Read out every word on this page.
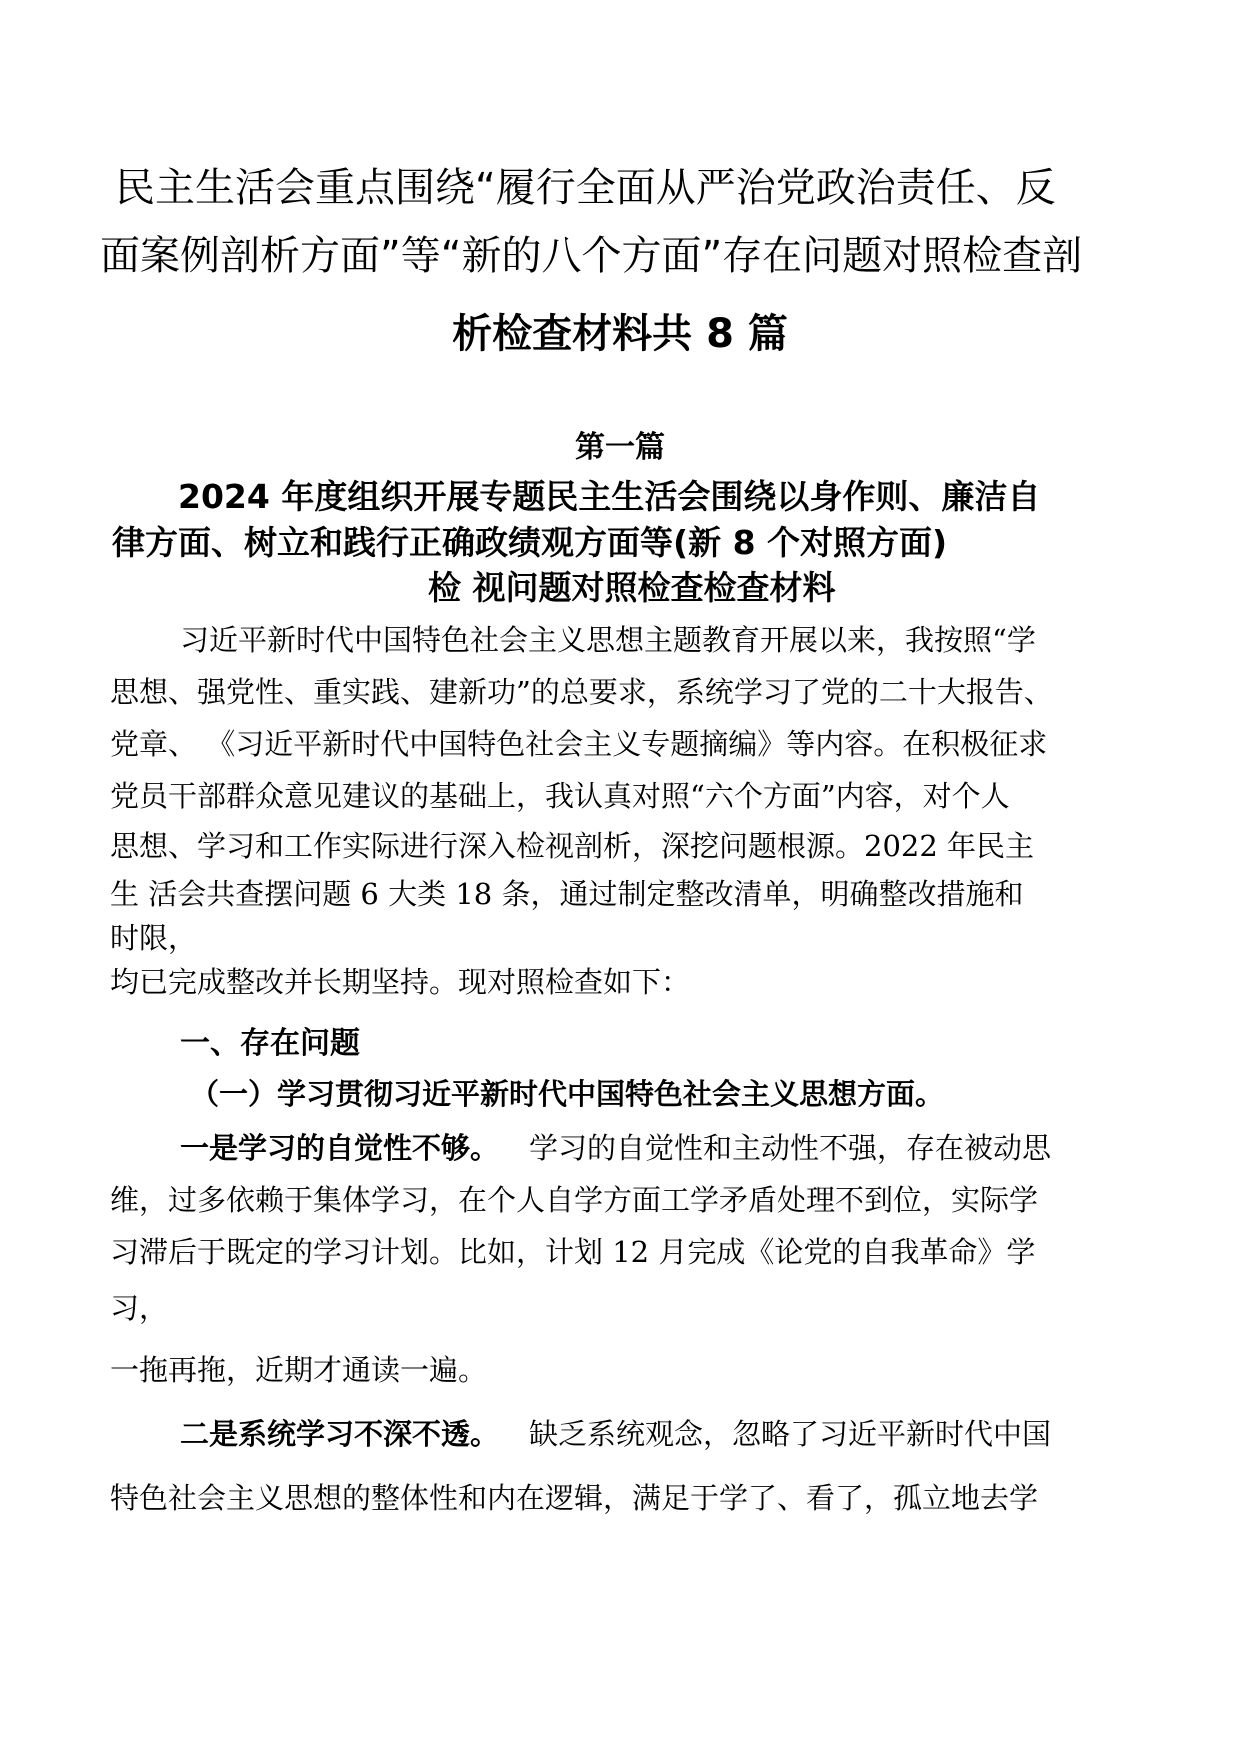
民主生活会重点围绕“履行全面从严治党政治责任、反
面案例剖析方面”等“新的八个方面”存在问题对照检查剖
析检查材料共 8 篇
第一篇
2024 年度组织开展专题民主生活会围绕以身作则、廉洁自
律方面、树立和践行正确政绩观方面等(新 8 个对照方面)
检 视问题对照检查检查材料
习近平新时代中国特色社会主义思想主题教育开展以来，我按照“学
思想、强党性、重实践、建新功”的总要求，系统学习了党的二十大报告、
党章、 《习近平新时代中国特色社会主义专题摘编》等内容。在积极征求
党员干部群众意见建议的基础上，我认真对照“六个方面”内容，对个人
思想、学习和工作实际进行深入检视剖析，深挖问题根源。2022 年民主
生 活会共查摆问题 6 大类 18 条，通过制定整改清单，明确整改措施和
时限，
均已完成整改并长期坚持。现对照检查如下：
一、存在问题
（一）学习贯彻习近平新时代中国特色社会主义思想方面。
一是学习的自觉性不够。 学习的自觉性和主动性不强，存在被动思
维，过多依赖于集体学习，在个人自学方面工学矛盾处理不到位，实际学
习滞后于既定的学习计划。比如，计划 12 月完成《论党的自我革命》学
习，
一拖再拖，近期才通读一遍。
二是系统学习不深不透。 缺乏系统观念，忽略了习近平新时代中国
特色社会主义思想的整体性和内在逻辑，满足于学了、看了，孤立地去学
